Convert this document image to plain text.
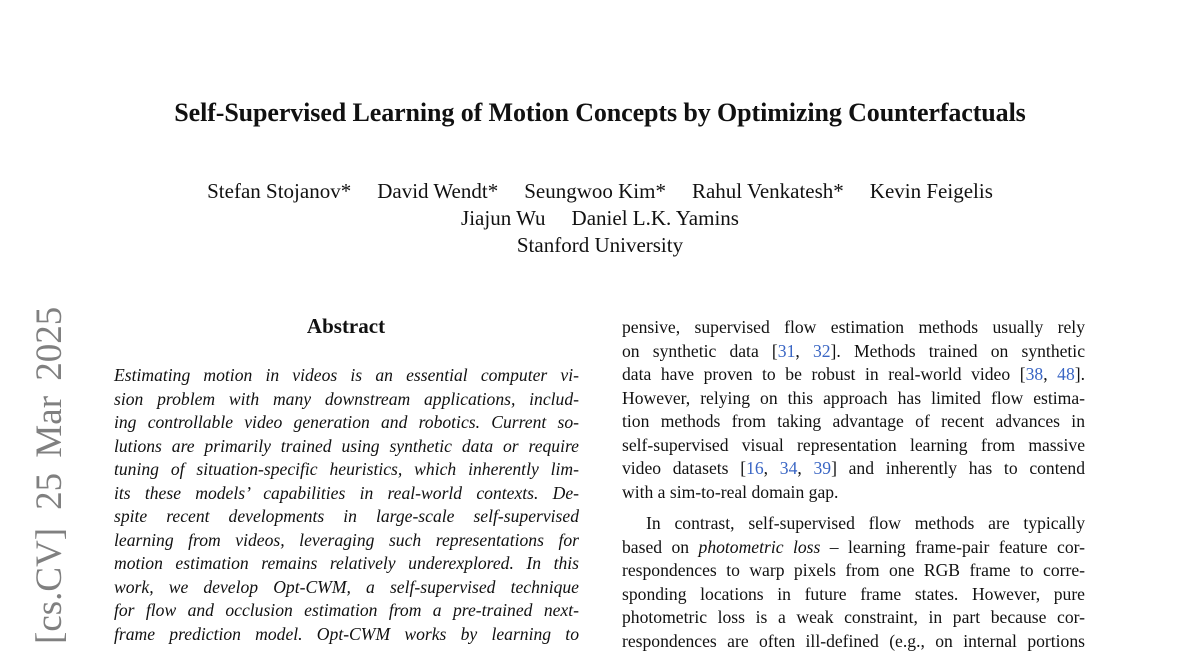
[cs.CV]25 Mar 2025
Self-Supervised Learning of Motion Concepts by Optimizing Counterfactuals
Stefan Stojanov* David Wendt* Seungwoo Kim* Rahul Venkatesh* Kevin Feigelis
Jiajun Wu Daniel L.K. Yamins
Stanford University
Abstract
Estimating motion in videos is an essential computer vi-
sion problem with many downstream applications, includ-
ing controllable video generation and robotics. Current so-
lutions are primarily trained using synthetic data or require
tuning of situation-specific heuristics, which inherently lim-
its these models’ capabilities in real-world contexts. De-
spite recent developments in large-scale self-supervised
learning from videos, leveraging such representations for
motion estimation remains relatively underexplored. In this
work, we develop Opt-CWM, a self-supervised technique
for flow and occlusion estimation from a pre-trained next-
frame prediction model. Opt-CWM works by learning to
pensive, supervised flow estimation methods usually rely
on synthetic data [31, 32]. Methods trained on synthetic
data have proven to be robust in real-world video [38, 48].
However, relying on this approach has limited flow estima-
tion methods from taking advantage of recent advances in
self-supervised visual representation learning from massive
video datasets [16, 34, 39] and inherently has to contend
with a sim-to-real domain gap.
In contrast, self-supervised flow methods are typically
based on photometric loss – learning frame-pair feature cor-
respondences to warp pixels from one RGB frame to corre-
sponding locations in future frame states. However, pure
photometric loss is a weak constraint, in part because cor-
respondences are often ill-defined (e.g., on internal portions
